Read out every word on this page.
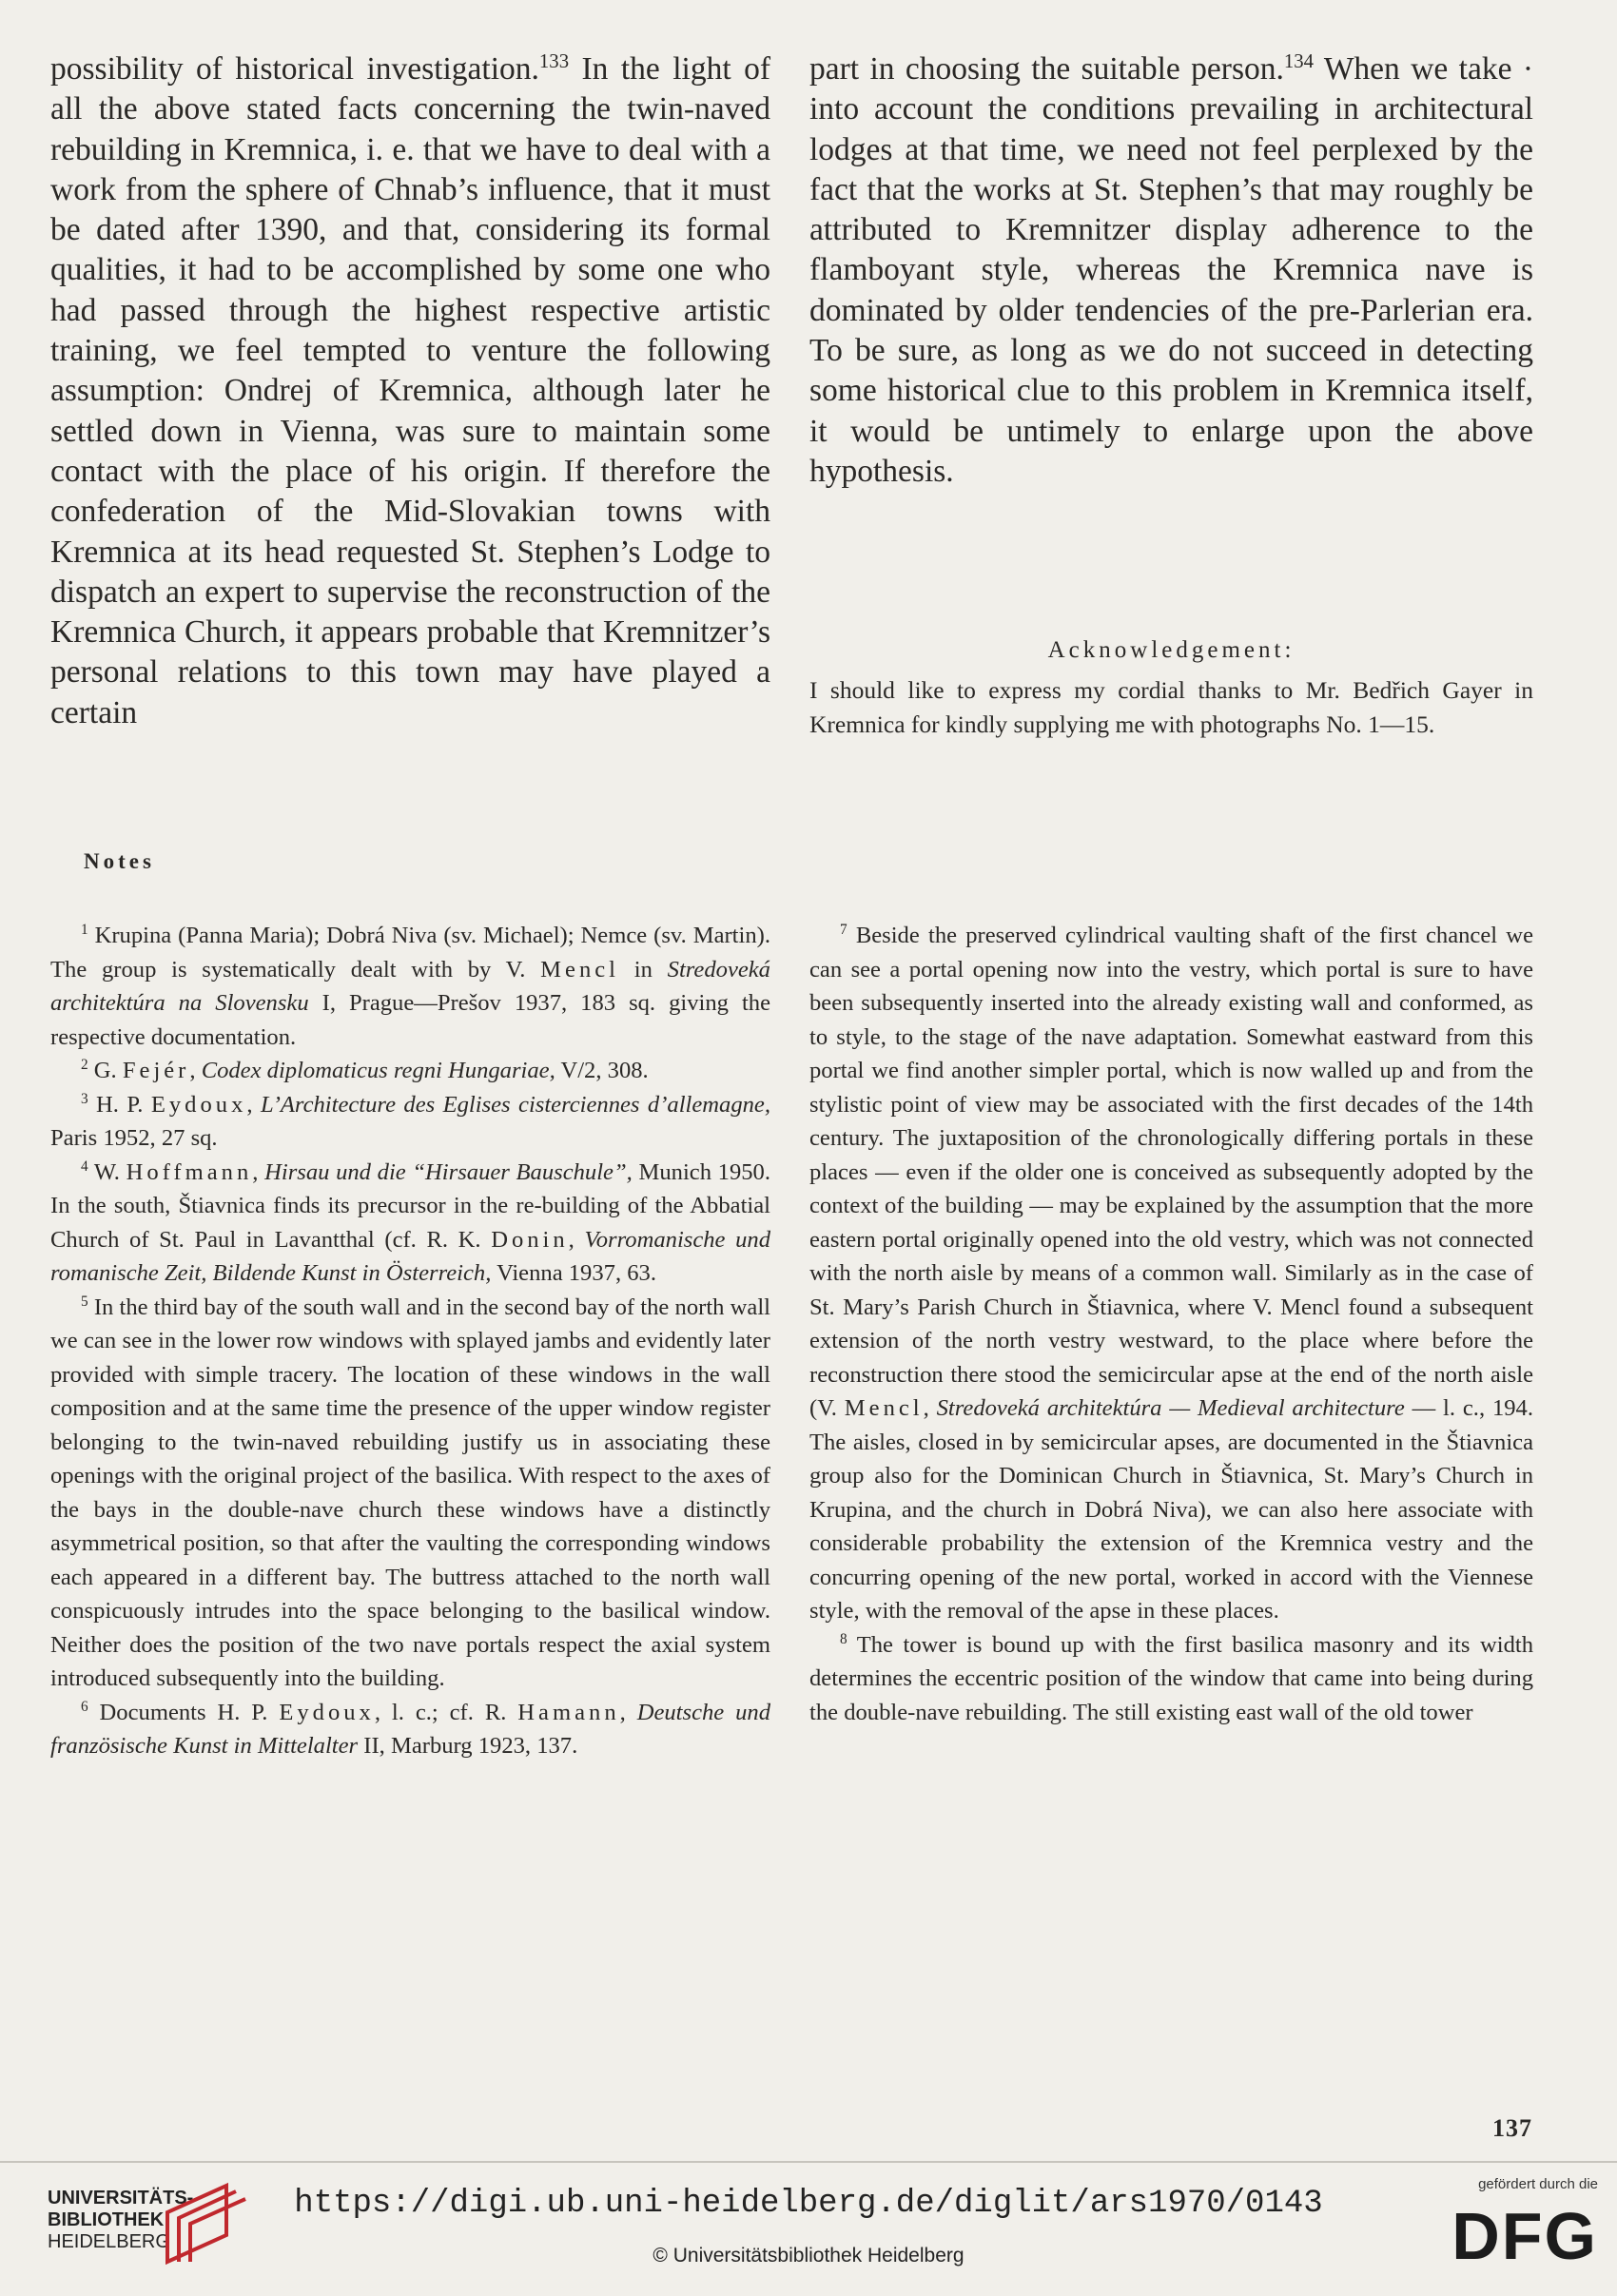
possibility of historical investigation.$^{133}$ In the light of all the above stated facts concerning the twin-naved rebuilding in Kremnica, i. e. that we have to deal with a work from the sphere of Chnab’s influence, that it must be dated after 1390, and that, considering its formal qualities, it had to be accomplished by some one who had passed through the highest respective artistic training, we feel tempted to venture the following assumption: Ondrej of Kremnica, although later he settled down in Vienna, was sure to maintain some contact with the place of his origin. If therefore the confederation of the Mid-Slovakian towns with Kremnica at its head requested St. Stephen’s Lodge to dispatch an expert to supervise the reconstruction of the Kremnica Church, it appears probable that Kremnitzer’s personal relations to this town may have played a certain

part in choosing the suitable person.$^{134}$ When we take · into account the conditions prevailing in architectural lodges at that time, we need not feel perplexed by the fact that the works at St. Stephen’s that may roughly be attributed to Kremnitzer display adherence to the flamboyant style, whereas the Kremnica nave is dominated by older tendencies of the pre-Parlerian era. To be sure, as long as we do not succeed in detecting some historical clue to this problem in Kremnica itself, it would be untimely to enlarge upon the above hypothesis.

Acknowledgement:
I should like to express my cordial thanks to Mr. Bedřich Gayer in Kremnica for kindly supplying me with photographs No. 1—15.
Notes

$^1$ Krupina (Panna Maria); Dobrá Niva (sv. Michael); Nemce (sv. Martin). The group is systematically dealt with by V. Mencl in Stredoveká architektúra na Slovensku I, Prague—Prešov 1937, 183 sq. giving the respective documentation.

$^2$ G. Fejér, Codex diplomaticus regni Hungariae, V/2, 308.

$^3$ H. P. Eydoux, L’Architecture des Eglises cisterciennes d’allemagne, Paris 1952, 27 sq.

$^4$ W. Hoffmann, Hirsau und die “Hirsauer Bauschule”, Munich 1950. In the south, Štiavnica finds its precursor in the re-building of the Abbatial Church of St. Paul in Lavantthal (cf. R. K. Donin, Vorromanische und romanische Zeit, Bildende Kunst in Österreich, Vienna 1937, 63.

$^5$ In the third bay of the south wall and in the second bay of the north wall we can see in the lower row windows with splayed jambs and evidently later provided with simple tracery. The location of these windows in the wall composition and at the same time the presence of the upper window register belonging to the twin-naved rebuilding justify us in associating these openings with the original project of the basilica. With respect to the axes of the bays in the double-nave church these windows have a distinctly asymmetrical position, so that after the vaulting the corresponding windows each appeared in a different bay. The buttress attached to the north wall conspicuously intrudes into the space belonging to the basilical window. Neither does the position of the two nave portals respect the axial system introduced subsequently into the building.

$^6$ Documents H. P. Eydoux, l. c.; cf. R. Hamann, Deutsche und französische Kunst in Mittelalter II, Marburg 1923, 137.

$^7$ Beside the preserved cylindrical vaulting shaft of the first chancel we can see a portal opening now into the vestry, which portal is sure to have been subsequently inserted into the already existing wall and conformed, as to style, to the stage of the nave adaptation. Somewhat eastward from this portal we find another simpler portal, which is now walled up and from the stylistic point of view may be associated with the first decades of the 14th century. The juxtaposition of the chronologically differing portals in these places — even if the older one is conceived as subsequently adopted by the context of the building — may be explained by the assumption that the more eastern portal originally opened into the old vestry, which was not connected with the north aisle by means of a common wall. Similarly as in the case of St. Mary’s Parish Church in Štiavnica, where V. Mencl found a subsequent extension of the north vestry westward, to the place where before the reconstruction there stood the semicircular apse at the end of the north aisle (V. Mencl, Stredoveká architektúra — Medieval architecture — l. c., 194. The aisles, closed in by semicircular apses, are documented in the Štiavnica group also for the Dominican Church in Štiavnica, St. Mary’s Church in Krupina, and the church in Dobrá Niva), we can also here associate with considerable probability the extension of the Kremnica vestry and the concurring opening of the new portal, worked in accord with the Viennese style, with the removal of the apse in these places.

$^8$ The tower is bound up with the first basilica masonry and its width determines the eccentric position of the window that came into being during the double-nave rebuilding. The still existing east wall of the old tower

137
UNIVERSITÄTS-
BIBLIOTHEK
HEIDELBERG
https://digi.ub.uni-heidelberg.de/diglit/ars1970/0143
© Universitätsbibliothek Heidelberg
gefördert durch die
DFG
